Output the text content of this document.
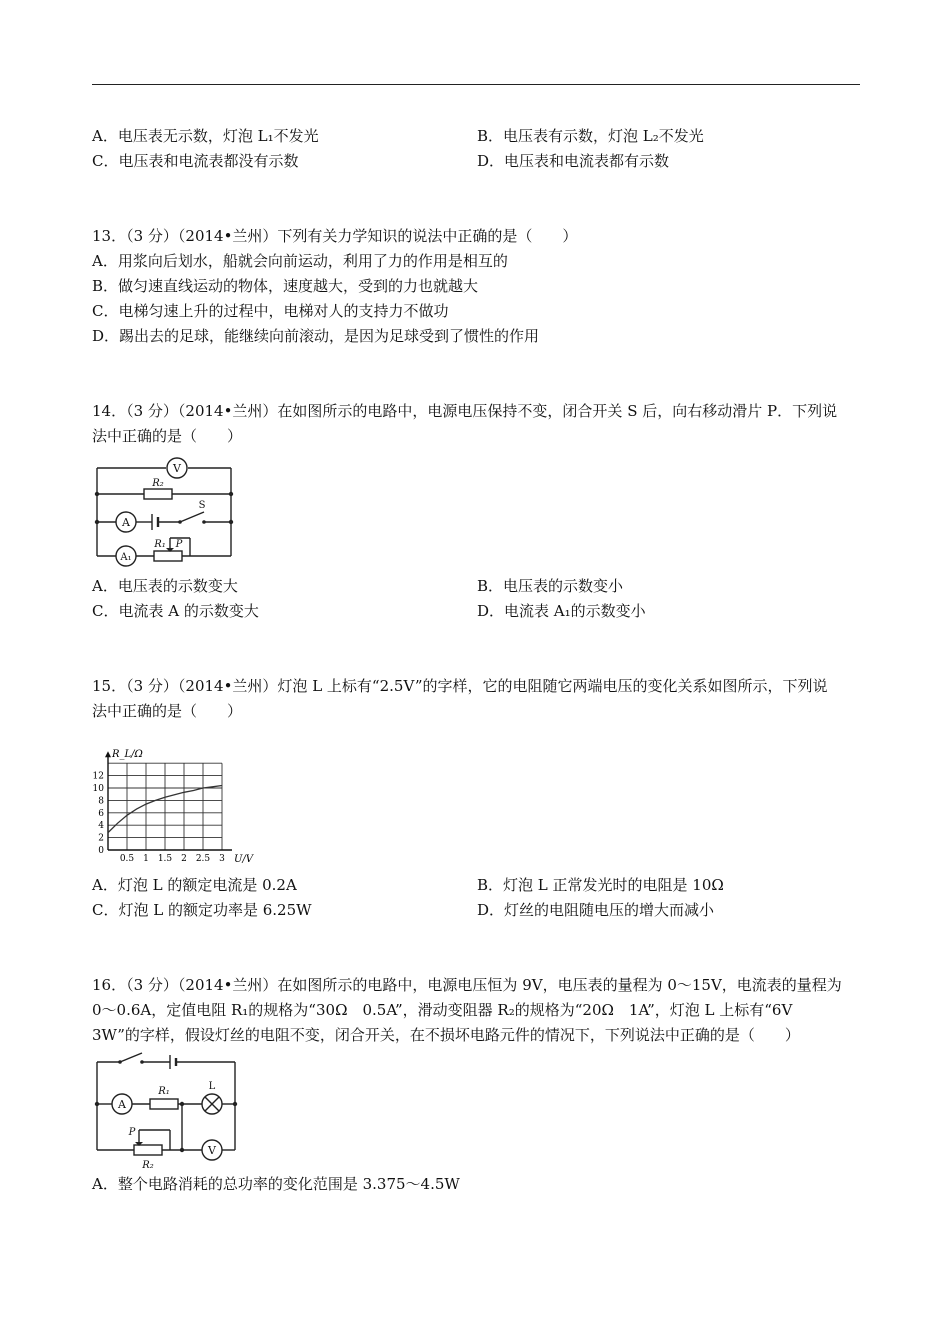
A．电压表无示数，灯泡 L₁不发光	B．电压表有示数，灯泡 L₂不发光
C．电压表和电流表都没有示数	D．电压表和电流表都有示数
13．（3 分）（2014•兰州）下列有关力学知识的说法中正确的是（　　）
A．用浆向后划水，船就会向前运动，利用了力的作用是相互的
B．做匀速直线运动的物体，速度越大，受到的力也就越大
C．电梯匀速上升的过程中，电梯对人的支持力不做功
D．踢出去的足球，能继续向前滚动，是因为足球受到了惯性的作用
14．（3 分）（2014•兰州）在如图所示的电路中，电源电压保持不变，闭合开关 S 后，向右移动滑片 P．下列说
法中正确的是（　　）
V
A
A₁
R₂
S
R₁ P
A．电压表的示数变大	B．电压表的示数变小
C．电流表 A 的示数变大	D．电流表 A₁的示数变小
15．（3 分）（2014•兰州）灯泡 L 上标有“2.5V”的字样，它的电阻随它两端电压的变化关系如图所示，下列说
法中正确的是（　　）
0.5 1 1.5 2 2.5 3
0
2
4
6
8
10
12
U/V
R_L/Ω
A．灯泡 L 的额定电流是 0.2A	B．灯泡 L 正常发光时的电阻是 10Ω
C．灯泡 L 的额定功率是 6.25W	D．灯丝的电阻随电压的增大而减小
16．（3 分）（2014•兰州）在如图所示的电路中，电源电压恒为 9V，电压表的量程为 0～15V，电流表的量程为
0～0.6A，定值电阻 R₁的规格为“30Ω　0.5A”，滑动变阻器 R₂的规格为“20Ω　1A”，灯泡 L 上标有“6V
3W”的字样，假设灯丝的电阻不变，闭合开关，在不损坏电路元件的情况下，下列说法中正确的是（　　）
A
R₁	L
P
V
R₂
A．整个电路消耗的总功率的变化范围是 3.375～4.5W
